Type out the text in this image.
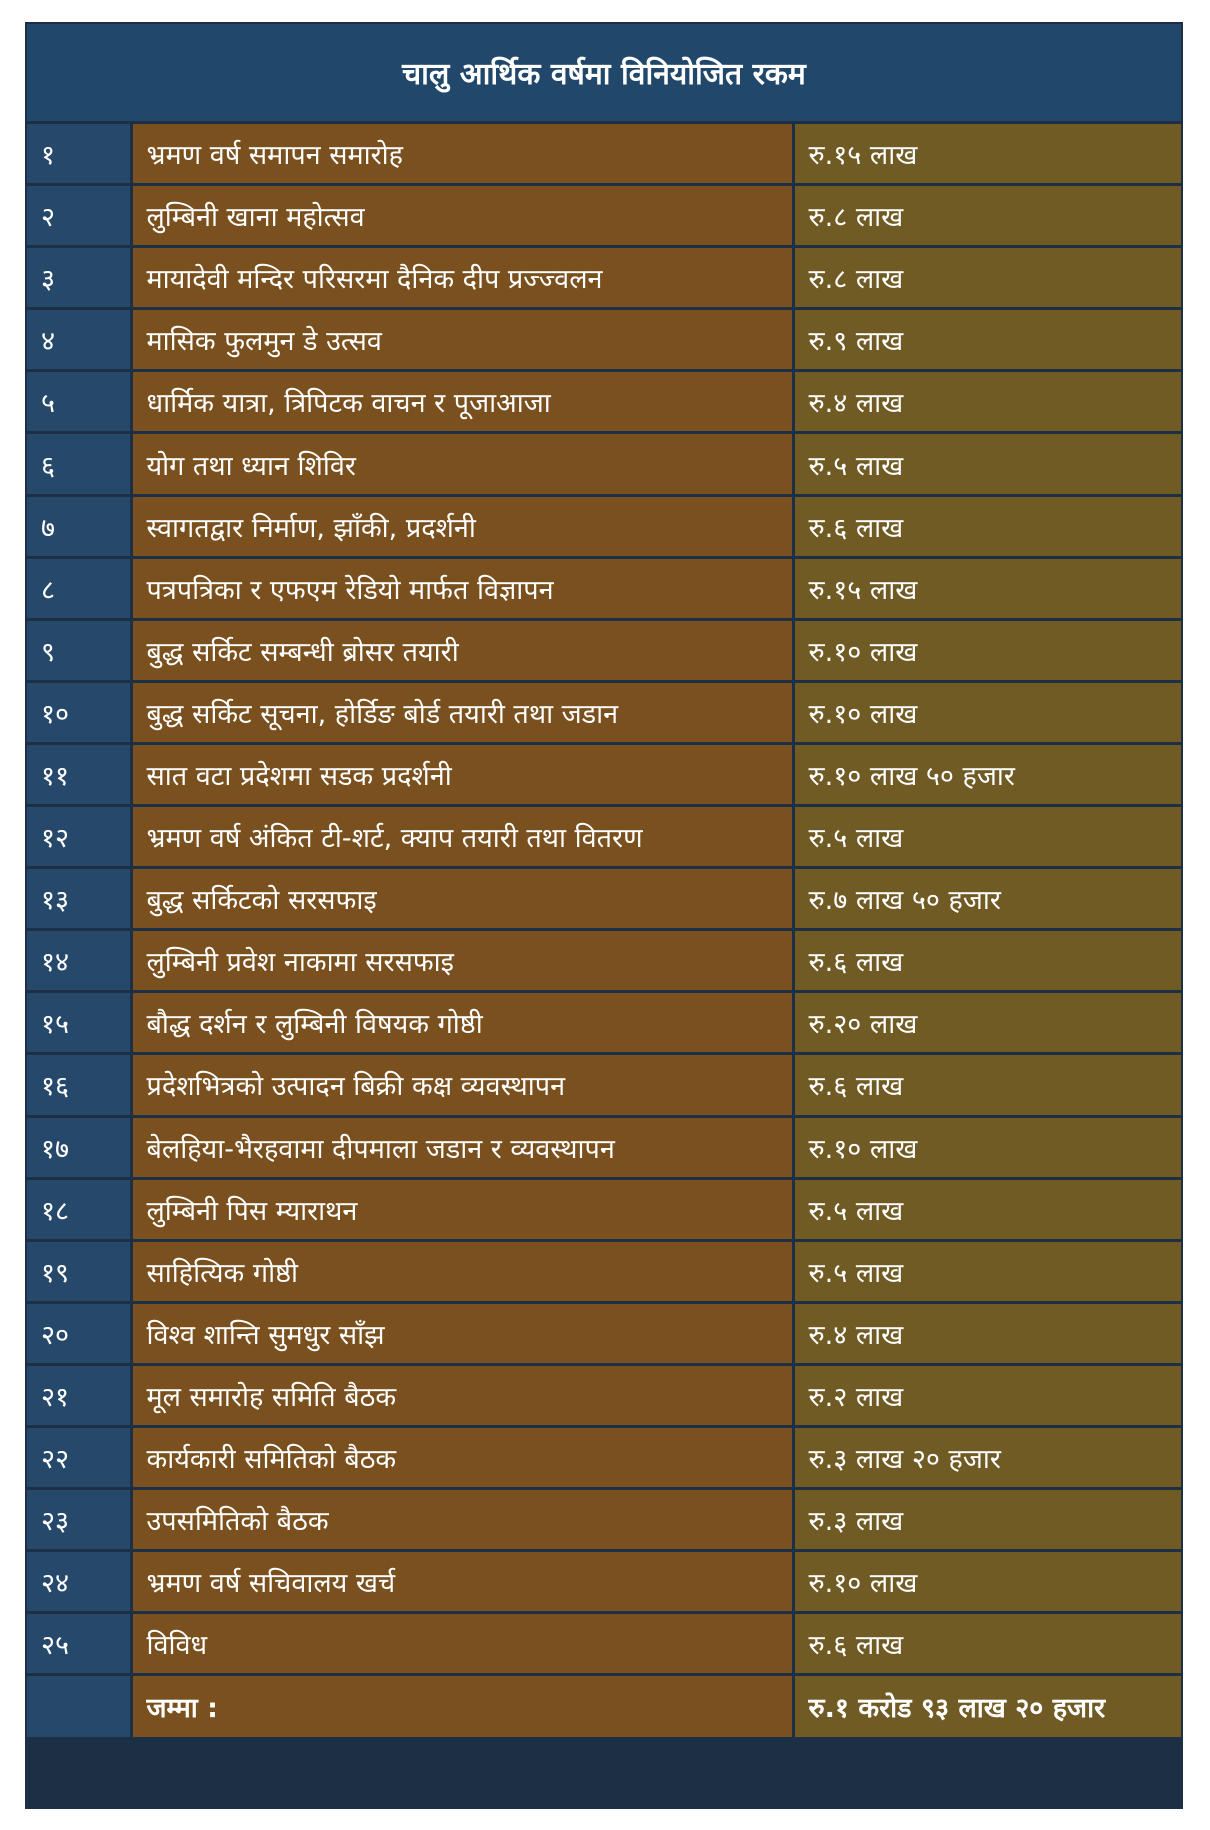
चालु आर्थिक वर्षमा विनियोजित रकम
१	भ्रमण वर्ष समापन समारोह	रु.१५ लाख
२	लुम्बिनी खाना महोत्सव	रु.८ लाख
३	मायादेवी मन्दिर परिसरमा दैनिक दीप प्रज्ज्वलन	रु.८ लाख
४	मासिक फुलमुन डे उत्सव	रु.९ लाख
५	धार्मिक यात्रा, त्रिपिटक वाचन र पूजाआजा	रु.४ लाख
६	योग तथा ध्यान शिविर	रु.५ लाख
७	स्वागतद्वार निर्माण, झाँकी, प्रदर्शनी	रु.६ लाख
८	पत्रपत्रिका र एफएम रेडियो मार्फत विज्ञापन	रु.१५ लाख
९	बुद्ध सर्किट सम्बन्धी ब्रोसर तयारी	रु.१० लाख
१०	बुद्ध सर्किट सूचना, होर्डिङ बोर्ड तयारी तथा जडान	रु.१० लाख
११	सात वटा प्रदेशमा सडक प्रदर्शनी	रु.१० लाख ५० हजार
१२	भ्रमण वर्ष अंकित टी-शर्ट, क्याप तयारी तथा वितरण	रु.५ लाख
१३	बुद्ध सर्किटको सरसफाइ	रु.७ लाख ५० हजार
१४	लुम्बिनी प्रवेश नाकामा सरसफाइ	रु.६ लाख
१५	बौद्ध दर्शन र लुम्बिनी विषयक गोष्ठी	रु.२० लाख
१६	प्रदेशभित्रको उत्पादन बिक्री कक्ष व्यवस्थापन	रु.६ लाख
१७	बेलहिया-भैरहवामा दीपमाला जडान र व्यवस्थापन	रु.१० लाख
१८	लुम्बिनी पिस म्याराथन	रु.५ लाख
१९	साहित्यिक गोष्ठी	रु.५ लाख
२०	विश्व शान्ति सुमधुर साँझ	रु.४ लाख
२१	मूल समारोह समिति बैठक	रु.२ लाख
२२	कार्यकारी समितिको बैठक	रु.३ लाख २० हजार
२३	उपसमितिको बैठक	रु.३ लाख
२४	भ्रमण वर्ष सचिवालय खर्च	रु.१० लाख
२५	विविध	रु.६ लाख
	जम्मा :	रु.१ करोड ९३ लाख २० हजार
